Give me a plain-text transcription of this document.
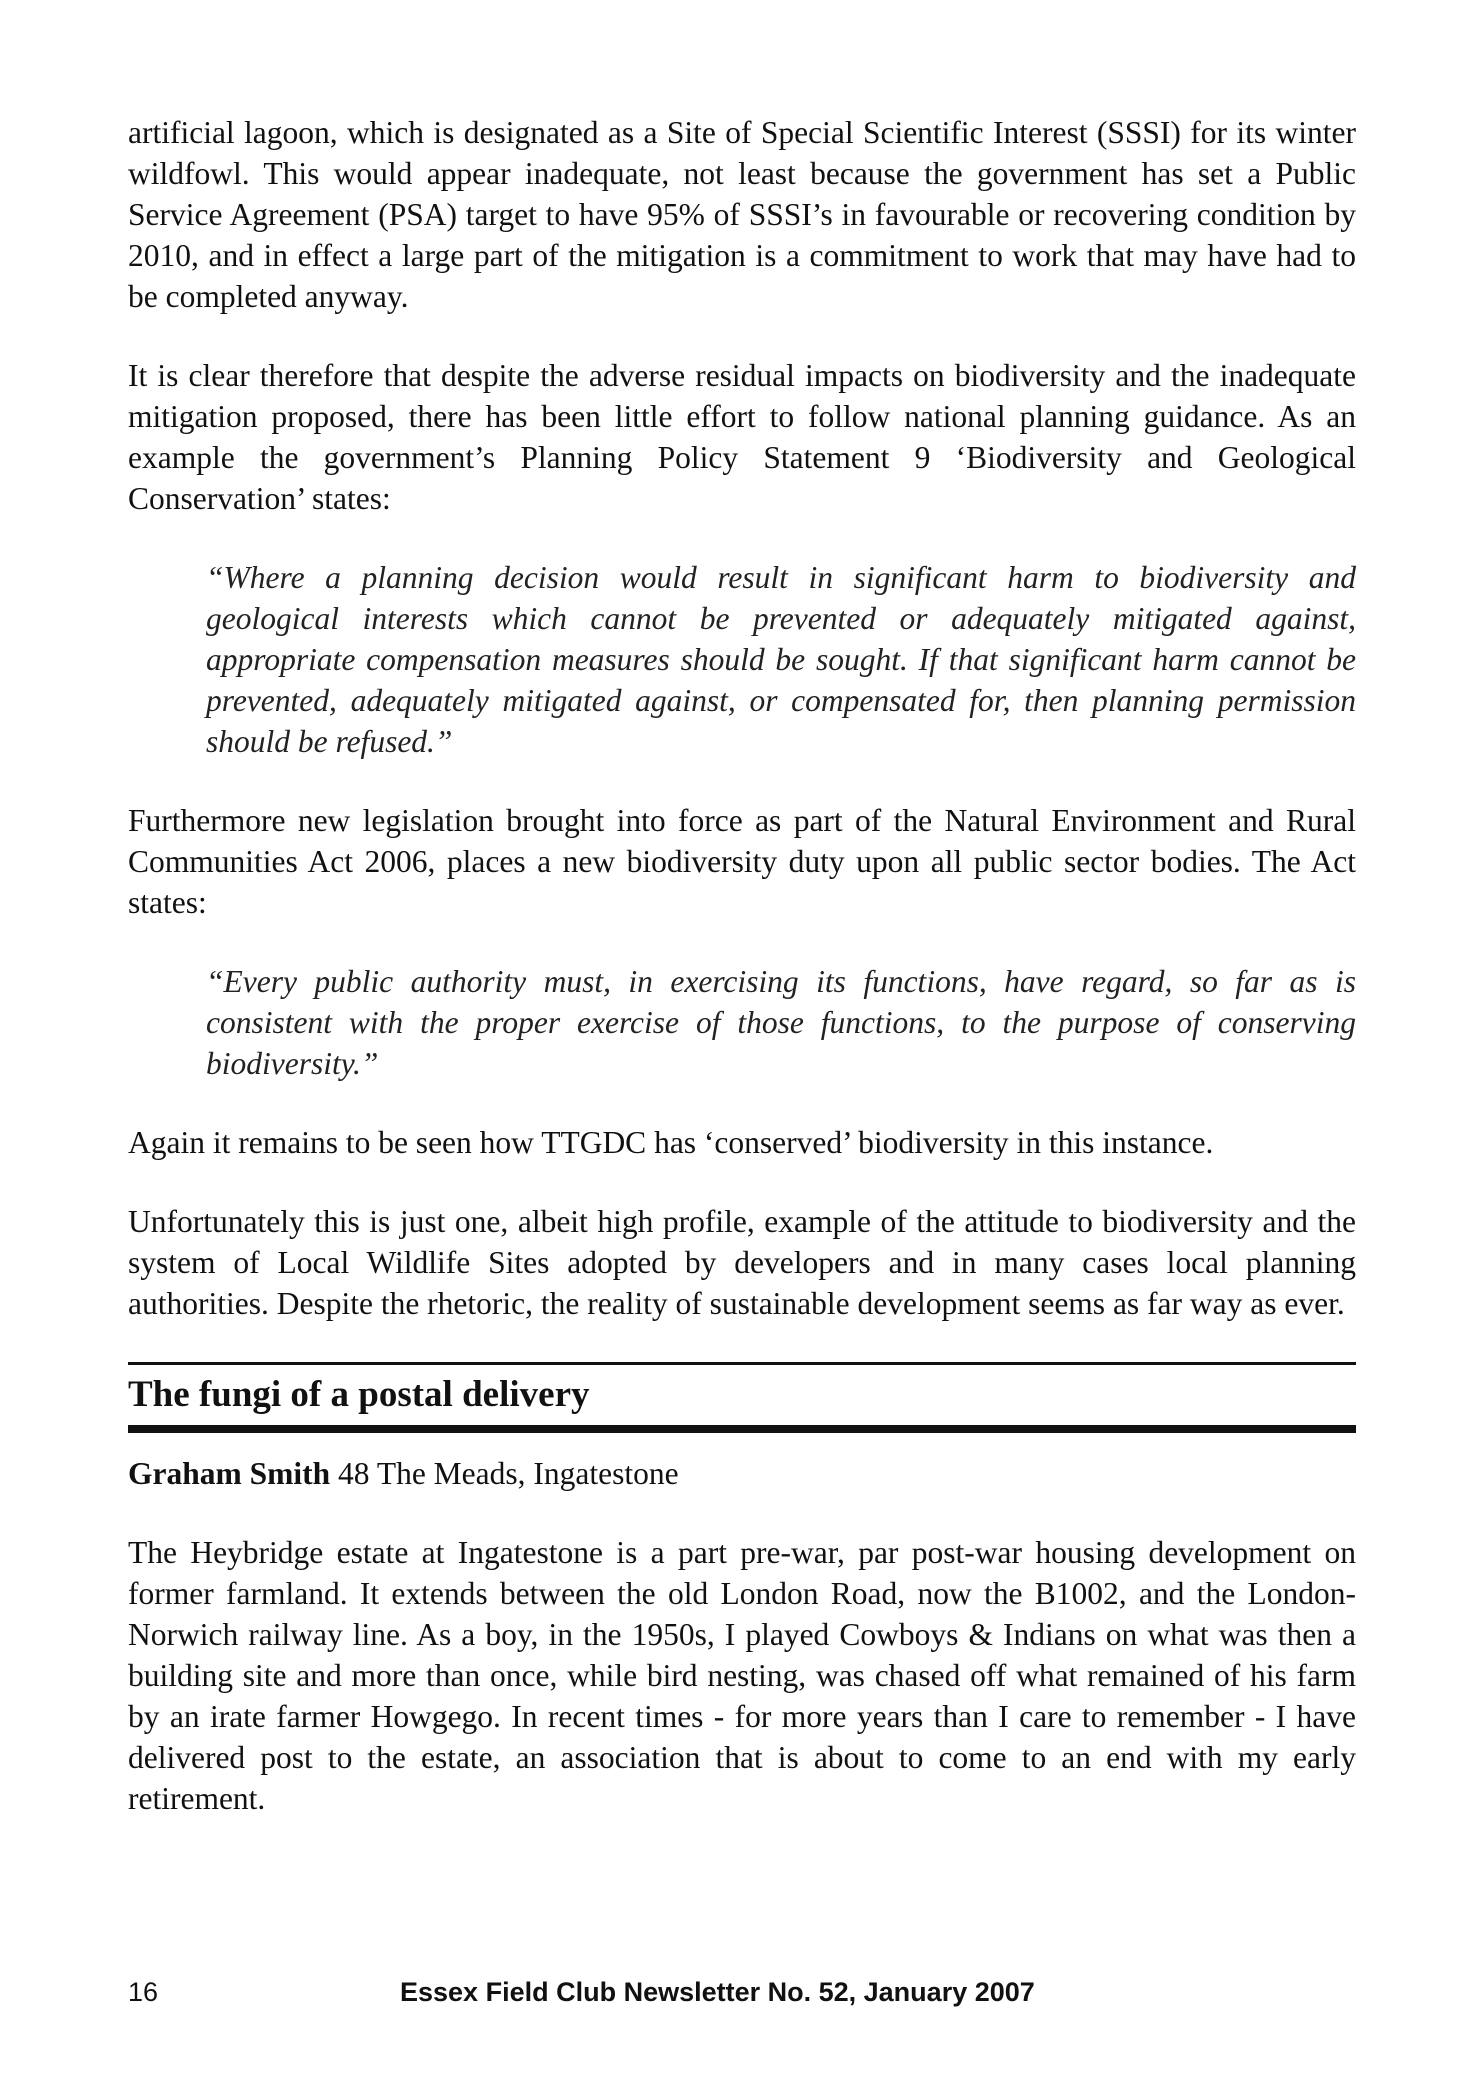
artificial lagoon, which is designated as a Site of Special Scientific Interest (SSSI) for its winter wildfowl. This would appear inadequate, not least because the government has set a Public Service Agreement (PSA) target to have 95% of SSSI’s in favourable or recovering condition by 2010, and in effect a large part of the mitigation is a commitment to work that may have had to be completed anyway.

It is clear therefore that despite the adverse residual impacts on biodiversity and the inadequate mitigation proposed, there has been little effort to follow national planning guidance. As an example the government’s Planning Policy Statement 9 ‘Biodiversity and Geological Conservation’ states:

“Where a planning decision would result in significant harm to biodiversity and geological interests which cannot be prevented or adequately mitigated against, appropriate compensation measures should be sought. If that significant harm cannot be prevented, adequately mitigated against, or compensated for, then planning permission should be refused.”

Furthermore new legislation brought into force as part of the Natural Environment and Rural Communities Act 2006, places a new biodiversity duty upon all public sector bodies. The Act states:

“Every public authority must, in exercising its functions, have regard, so far as is consistent with the proper exercise of those functions, to the purpose of conserving biodiversity.”

Again it remains to be seen how TTGDC has ‘conserved’ biodiversity in this instance.

Unfortunately this is just one, albeit high profile, example of the attitude to biodiversity and the system of Local Wildlife Sites adopted by developers and in many cases local planning authorities. Despite the rhetoric, the reality of sustainable development seems as far way as ever.

The fungi of a postal delivery

Graham Smith 48 The Meads, Ingatestone

The Heybridge estate at Ingatestone is a part pre-war, par post-war housing development on former farmland. It extends between the old London Road, now the B1002, and the London-Norwich railway line. As a boy, in the 1950s, I played Cowboys & Indians on what was then a building site and more than once, while bird nesting, was chased off what remained of his farm by an irate farmer Howgego. In recent times - for more years than I care to remember - I have delivered post to the estate, an association that is about to come to an end with my early retirement.

16	Essex Field Club Newsletter No. 52, January 2007
